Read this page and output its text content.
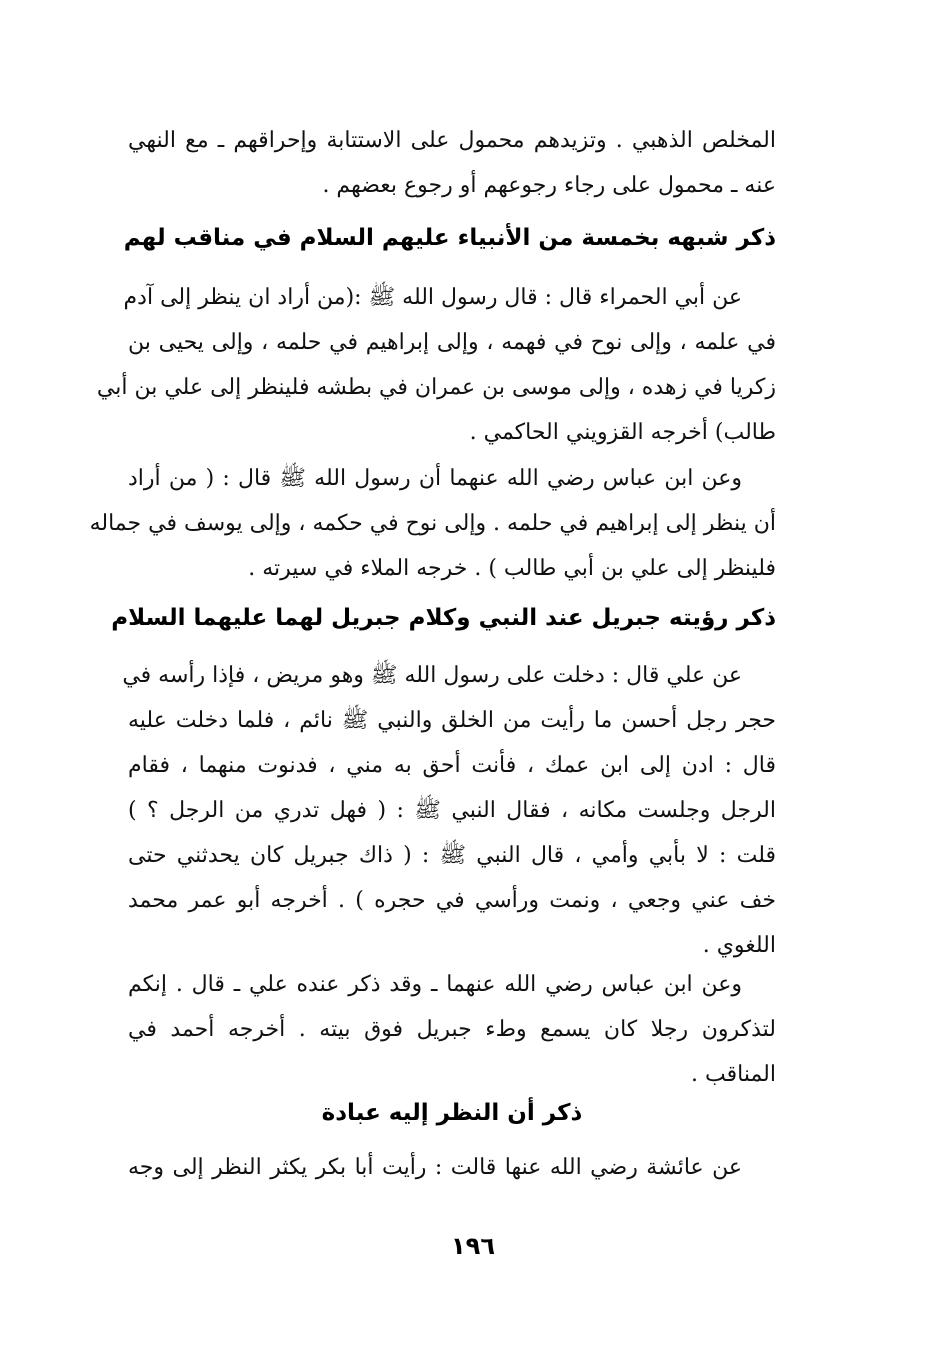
المخلص الذهبي . وتزيدهم محمول على الاستتابة وإحراقهم ـ مع النهي
عنه ـ محمول على رجاء رجوعهم أو رجوع بعضهم .
ذكر شبهه بخمسة من الأنبياء عليهم السلام في مناقب لهم
عن أبي الحمراء قال : قال رسول الله ﷺ :(من أراد ان ينظر إلى آدم
في علمه ، وإلى نوح في فهمه ، وإلى إبراهيم في حلمه ، وإلى يحيى بن
زكريا في زهده ، وإلى موسى بن عمران في بطشه فلينظر إلى علي بن أبي
طالب) أخرجه القزويني الحاكمي .
وعن ابن عباس رضي الله عنهما أن رسول الله ﷺ قال : ( من أراد
أن ينظر إلى إبراهيم في حلمه . وإلى نوح في حكمه ، وإلى يوسف في جماله
فلينظر إلى علي بن أبي طالب ) . خرجه الملاء في سيرته .
ذكر رؤيته جبريل عند النبي وكلام جبريل لهما عليهما السلام
عن علي قال : دخلت على رسول الله ﷺ وهو مريض ، فإذا رأسه في
حجر رجل أحسن ما رأيت من الخلق والنبي ﷺ نائم ، فلما دخلت عليه
قال : ادن إلى ابن عمك ، فأنت أحق به مني ، فدنوت منهما ، فقام
الرجل وجلست مكانه ، فقال النبي ﷺ : ( فهل تدري من الرجل ؟ )
قلت : لا بأبي وأمي ، قال النبي ﷺ : ( ذاك جبريل كان يحدثني حتى
خف عني وجعي ، ونمت ورأسي في حجره ) . أخرجه أبو عمر محمد
اللغوي .
وعن ابن عباس رضي الله عنهما ـ وقد ذكر عنده علي ـ قال . إنكم
لتذكرون رجلا كان يسمع وطء جبريل فوق بيته . أخرجه أحمد في
المناقب .
ذكر أن النظر إليه عبادة
عن عائشة رضي الله عنها قالت : رأيت أبا بكر يكثر النظر إلى وجه
١٩٦
